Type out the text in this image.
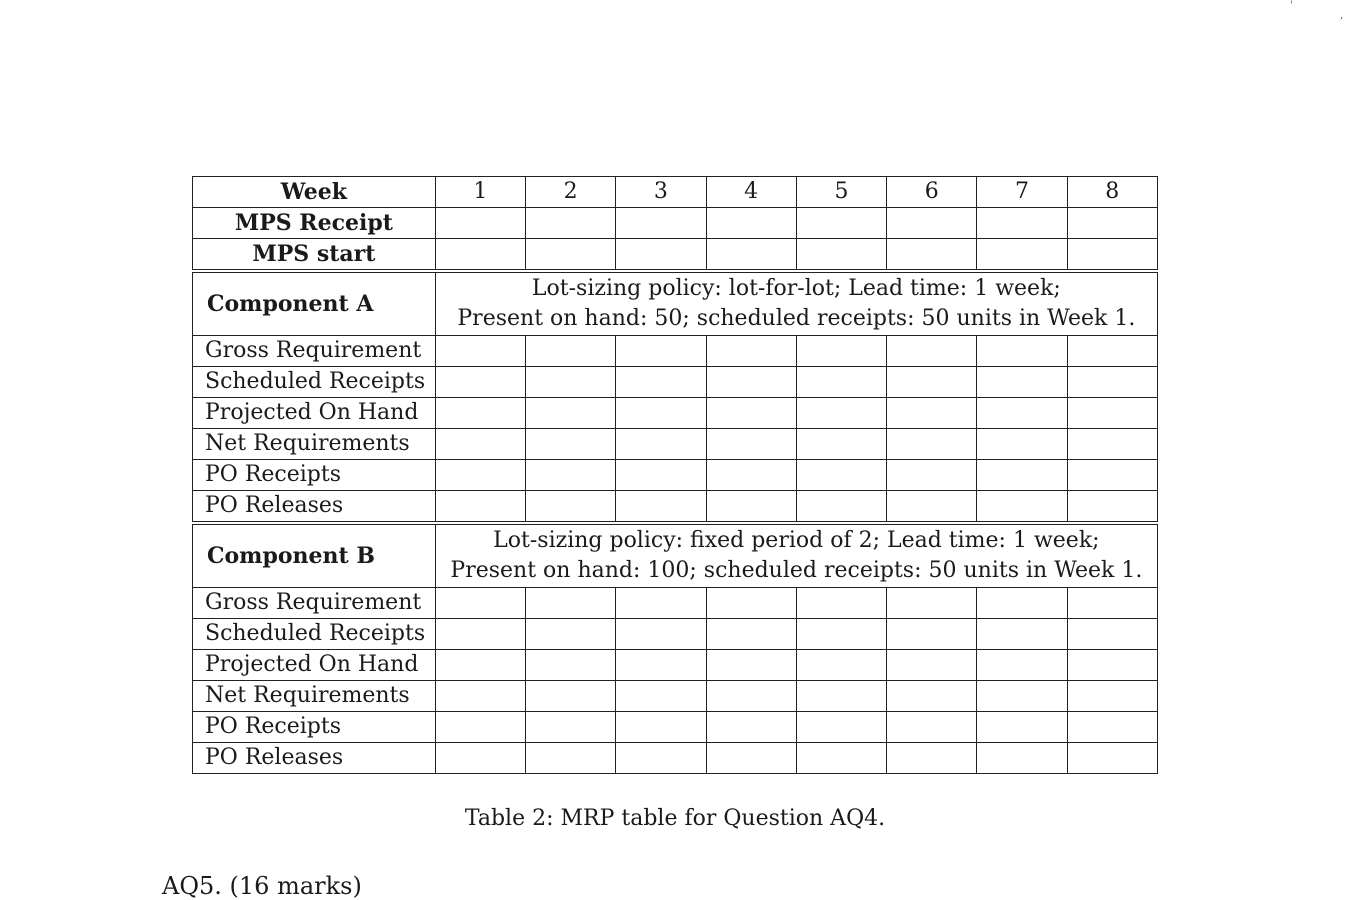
'
,
Week	1	2	3	4	5	6	7	8
MPS Receipt								
MPS start								
Component A	Lot-sizing policy: lot-for-lot; Lead time: 1 week;
Present on hand: 50; scheduled receipts: 50 units in Week 1.							

Gross Requirement								
Scheduled Receipts								
Projected On Hand								
Net Requirements								
PO Receipts								
PO Releases								
Component B	Lot-sizing policy: fixed period of 2; Lead time: 1 week;
Present on hand: 100; scheduled receipts: 50 units in Week 1.							

Gross Requirement								
Scheduled Receipts								
Projected On Hand								
Net Requirements								
PO Receipts								
PO Releases								
Table 2: MRP table for Question AQ4.
AQ5. (16 marks)
